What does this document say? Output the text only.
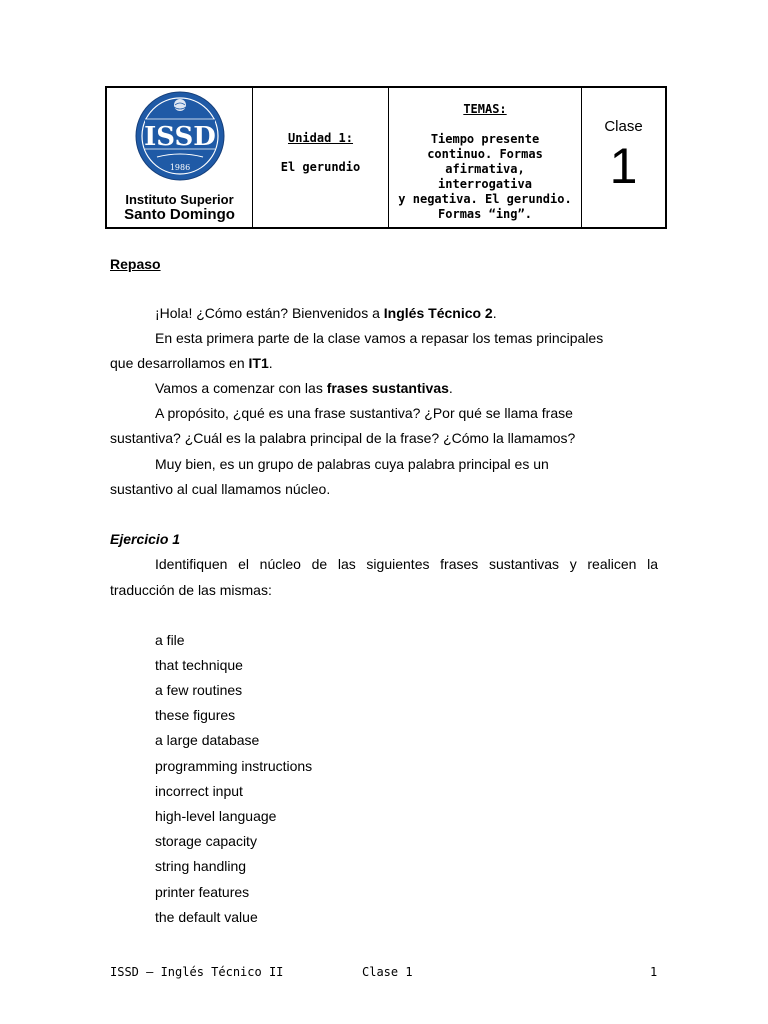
ISSD
1986
Instituto Superior
Santo Domingo
Unidad 1:
El gerundio
TEMAS:
Tiempo presente
continuo. Formas
afirmativa, interrogativa
y negativa. El gerundio.
Formas “ing”.
Clase
1
Repaso
¡Hola! ¿Cómo están? Bienvenidos a Inglés Técnico 2.
En esta primera parte de la clase vamos a repasar los temas principales
que desarrollamos en IT1.
Vamos a comenzar con las frases sustantivas.
A propósito, ¿qué es una frase sustantiva? ¿Por qué se llama frase
sustantiva? ¿Cuál es la palabra principal de la frase? ¿Cómo la llamamos?
Muy bien, es un grupo de palabras cuya palabra principal es un
sustantivo al cual llamamos núcleo.
Ejercicio 1
Identifiquen el núcleo de las siguientes frases sustantivas y realicen la
traducción de las mismas:
a file
that technique
a few routines
these figures
a large database
programming instructions
incorrect input
high-level language
storage capacity
string handling
printer features
the default value
ISSD – Inglés Técnico II	Clase 1	1
